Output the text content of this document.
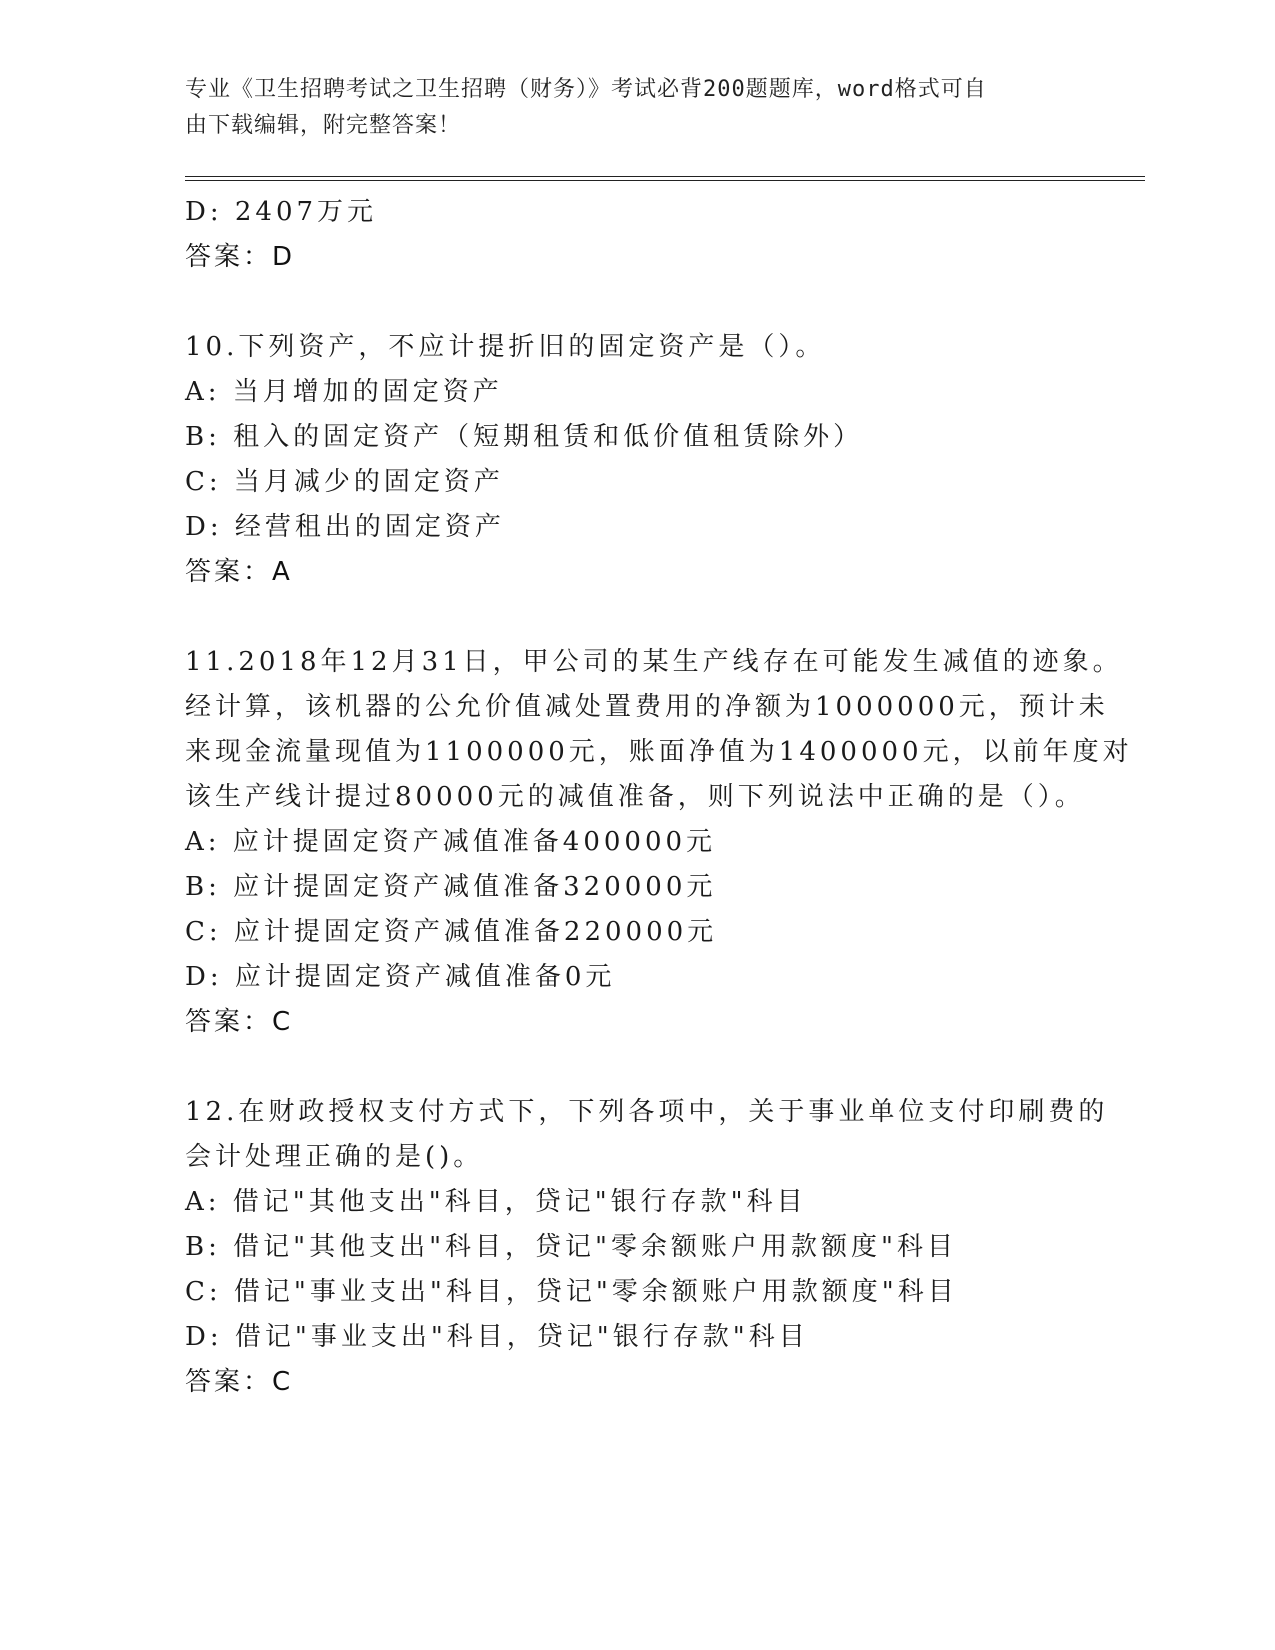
专业《卫生招聘考试之卫生招聘（财务）》考试必背200题题库，word格式可自
由下载编辑，附完整答案！
D: 2407万元
答案：D
10.下列资产，不应计提折旧的固定资产是（）。
A: 当月增加的固定资产
B: 租入的固定资产（短期租赁和低价值租赁除外）
C: 当月减少的固定资产
D: 经营租出的固定资产
答案：A
11.2018年12月31日，甲公司的某生产线存在可能发生减值的迹象。
经计算，该机器的公允价值减处置费用的净额为1000000元，预计未
来现金流量现值为1100000元，账面净值为1400000元，以前年度对
该生产线计提过80000元的减值准备，则下列说法中正确的是（）。
A: 应计提固定资产减值准备400000元
B: 应计提固定资产减值准备320000元
C: 应计提固定资产减值准备220000元
D: 应计提固定资产减值准备0元
答案：C
12.在财政授权支付方式下，下列各项中，关于事业单位支付印刷费的
会计处理正确的是()。
A: 借记"其他支出"科目，贷记"银行存款"科目
B: 借记"其他支出"科目，贷记"零余额账户用款额度"科目
C: 借记"事业支出"科目，贷记"零余额账户用款额度"科目
D: 借记"事业支出"科目，贷记"银行存款"科目
答案：C
